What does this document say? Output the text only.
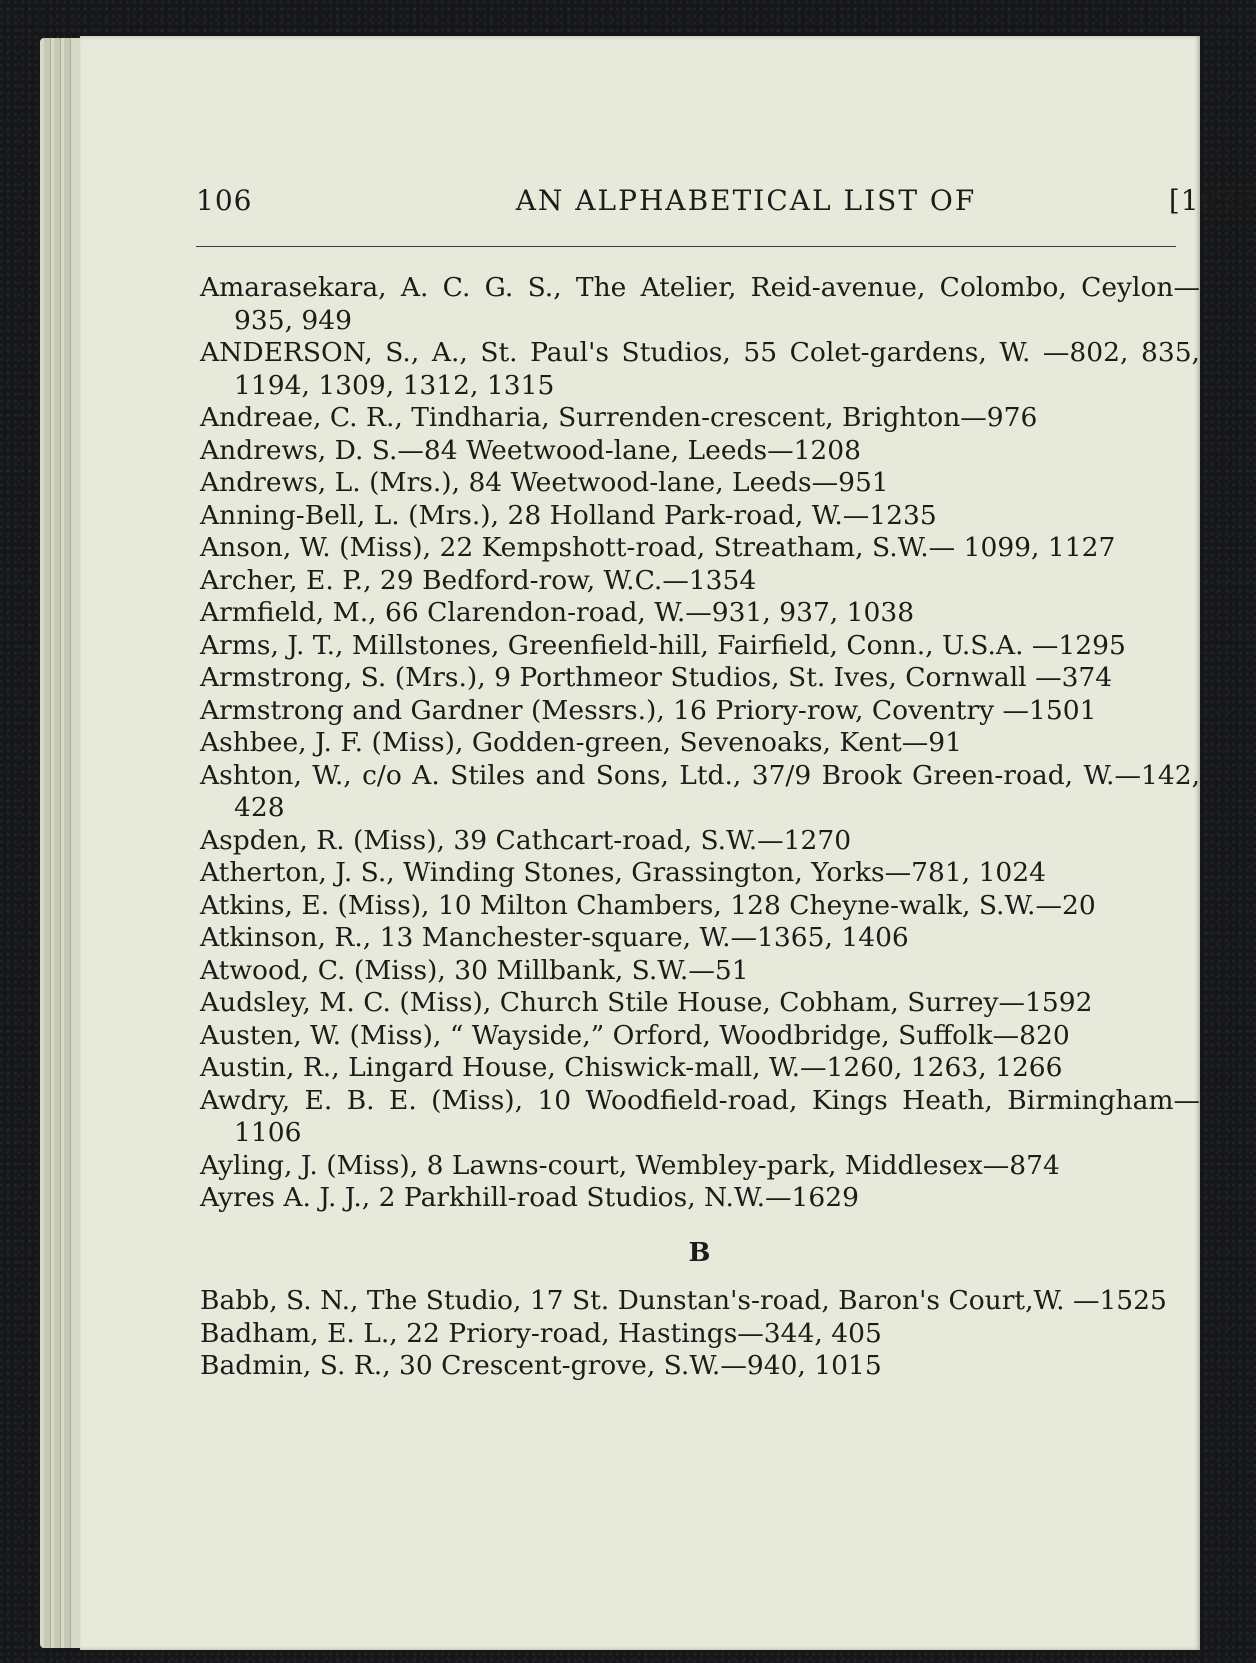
106	AN ALPHABETICAL LIST OF	[1936

Amarasekara, A. C. G. S., The Atelier, Reid-avenue, Colombo, Ceylon—935, 949

ANDERSON, S., A., St. Paul's Studios, 55 Colet-gardens, W. —802, 835, 1194, 1309, 1312, 1315

Andreae, C. R., Tindharia, Surrenden-crescent, Brighton—976

Andrews, D. S.—84 Weetwood-lane, Leeds—1208

Andrews, L. (Mrs.), 84 Weetwood-lane, Leeds—951

Anning-Bell, L. (Mrs.), 28 Holland Park-road, W.—1235

Anson, W. (Miss), 22 Kempshott-road, Streatham, S.W.— 1099, 1127

Archer, E. P., 29 Bedford-row, W.C.—1354

Armfield, M., 66 Clarendon-road, W.—931, 937, 1038

Arms, J. T., Millstones, Greenfield-hill, Fairfield, Conn., U.S.A. —1295

Armstrong, S. (Mrs.), 9 Porthmeor Studios, St. Ives, Cornwall —374

Armstrong and Gardner (Messrs.), 16 Priory-row, Coventry —1501

Ashbee, J. F. (Miss), Godden-green, Sevenoaks, Kent—91

Ashton, W., c/o A. Stiles and Sons, Ltd., 37/9 Brook Green-road, W.—142, 428

Aspden, R. (Miss), 39 Cathcart-road, S.W.—1270

Atherton, J. S., Winding Stones, Grassington, Yorks—781, 1024

Atkins, E. (Miss), 10 Milton Chambers, 128 Cheyne-walk, S.W.—20

Atkinson, R., 13 Manchester-square, W.—1365, 1406

Atwood, C. (Miss), 30 Millbank, S.W.—51

Audsley, M. C. (Miss), Church Stile House, Cobham, Surrey—1592

Austen, W. (Miss), “ Wayside,” Orford, Woodbridge, Suffolk—820

Austin, R., Lingard House, Chiswick-mall, W.—1260, 1263, 1266

Awdry, E. B. E. (Miss), 10 Woodfield-road, Kings Heath, Birmingham—1106

Ayling, J. (Miss), 8 Lawns-court, Wembley-park, Middlesex—874

Ayres A. J. J., 2 Parkhill-road Studios, N.W.—1629

B

Babb, S. N., The Studio, 17 St. Dunstan's-road, Baron's Court,W. —1525

Badham, E. L., 22 Priory-road, Hastings—344, 405

Badmin, S. R., 30 Crescent-grove, S.W.—940, 1015
